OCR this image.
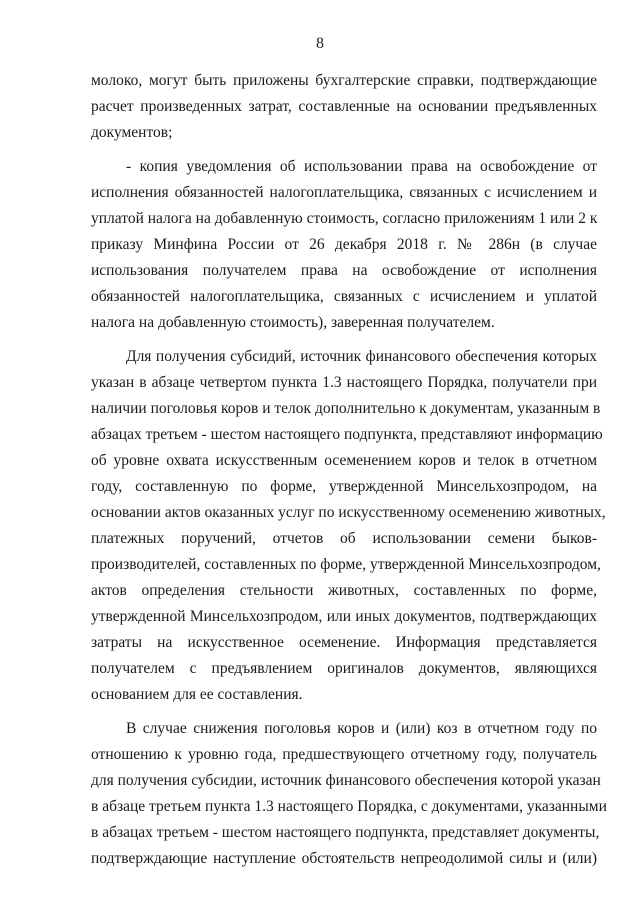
8
молоко, могут быть приложены бухгалтерские справки, подтверждающие
расчет произведенных затрат, составленные на основании предъявленных
документов;
- копия уведомления об использовании права на освобождение от
исполнения обязанностей налогоплательщика, связанных с исчислением и
уплатой налога на добавленную стоимость, согласно приложениям 1 или 2 к
приказу Минфина России от 26 декабря 2018 г. № 286н (в случае
использования получателем права на освобождение от исполнения
обязанностей налогоплательщика, связанных с исчислением и уплатой
налога на добавленную стоимость), заверенная получателем.
Для получения субсидий, источник финансового обеспечения которых
указан в абзаце четвертом пункта 1.3 настоящего Порядка, получатели при
наличии поголовья коров и телок дополнительно к документам, указанным в
абзацах третьем - шестом настоящего подпункта, представляют информацию
об уровне охвата искусственным осеменением коров и телок в отчетном
году, составленную по форме, утвержденной Минсельхозпродом, на
основании актов оказанных услуг по искусственному осеменению животных,
платежных поручений, отчетов об использовании семени быков-
производителей, составленных по форме, утвержденной Минсельхозпродом,
актов определения стельности животных, составленных по форме,
утвержденной Минсельхозпродом, или иных документов, подтверждающих
затраты на искусственное осеменение. Информация представляется
получателем с предъявлением оригиналов документов, являющихся
основанием для ее составления.
В случае снижения поголовья коров и (или) коз в отчетном году по
отношению к уровню года, предшествующего отчетному году, получатель
для получения субсидии, источник финансового обеспечения которой указан
в абзаце третьем пункта 1.3 настоящего Порядка, с документами, указанными
в абзацах третьем - шестом настоящего подпункта, представляет документы,
подтверждающие наступление обстоятельств непреодолимой силы и (или)
